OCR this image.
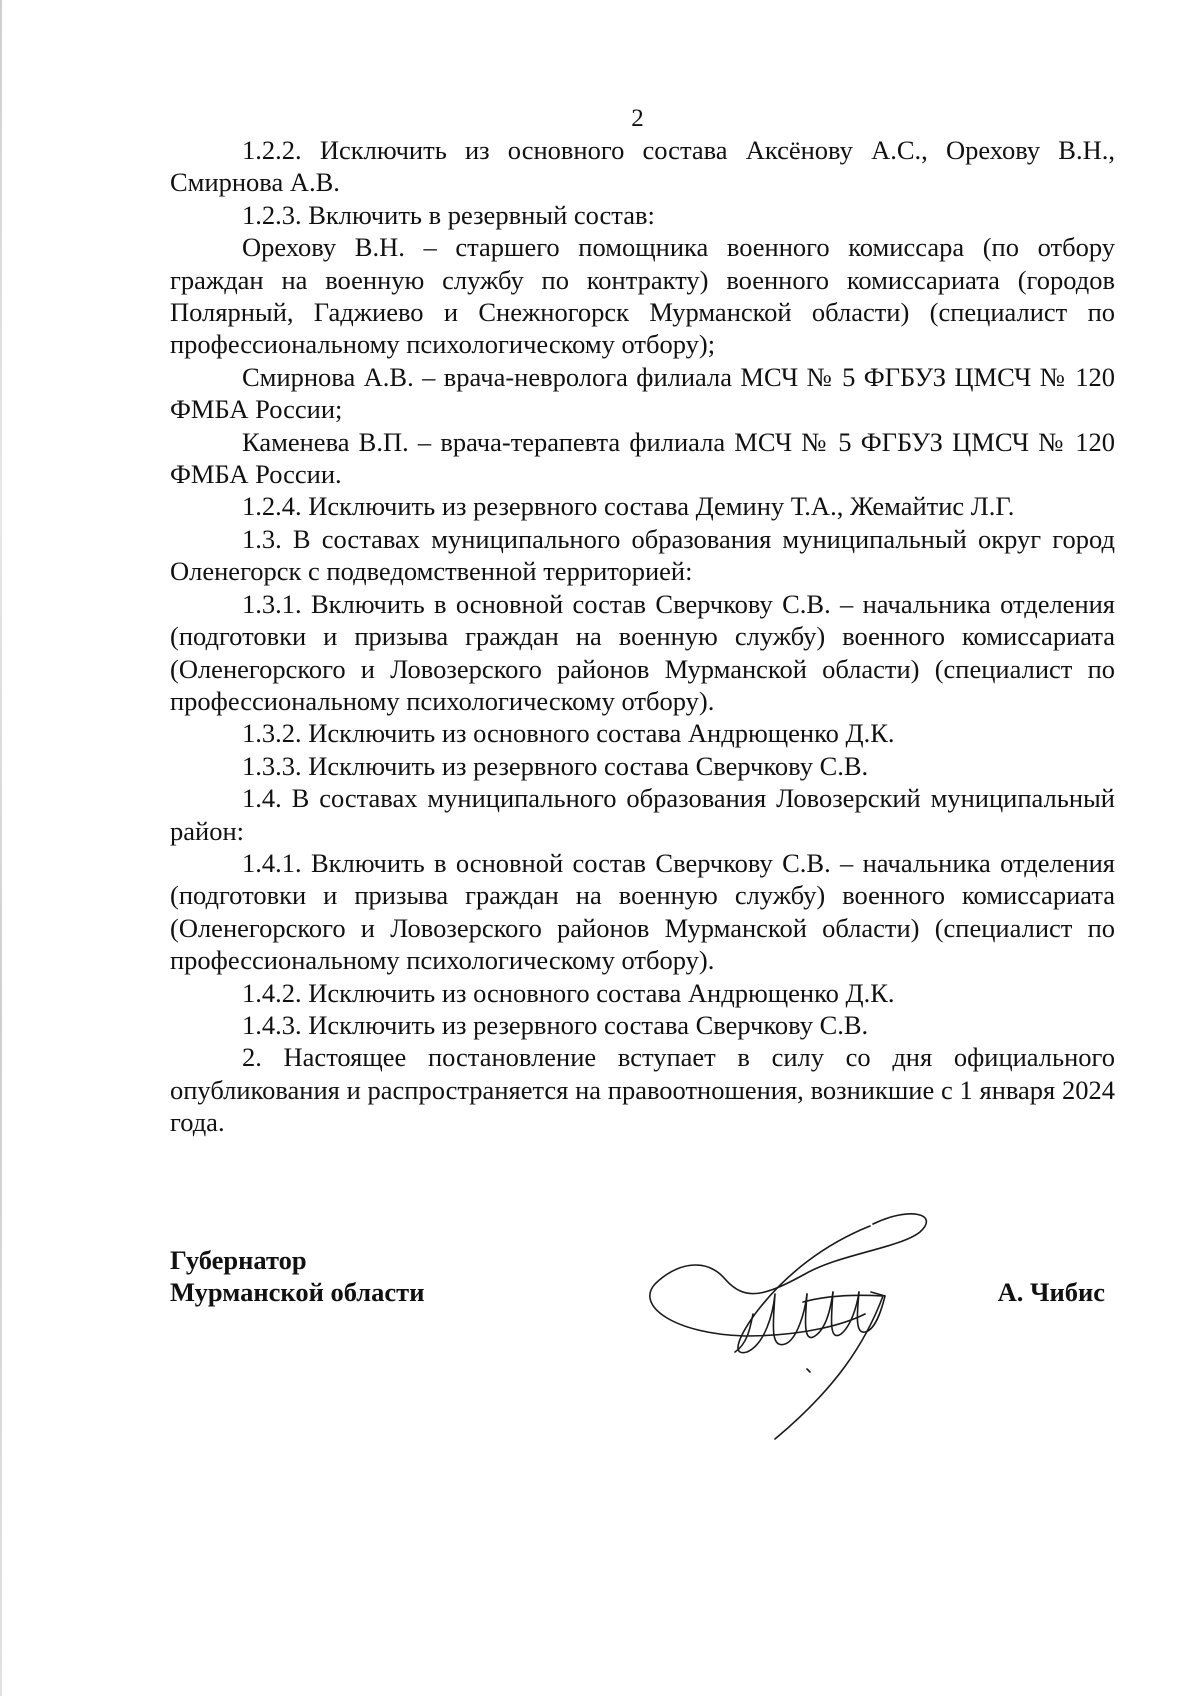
2

1.2.2. Исключить из основного состава Аксёнову А.С., Орехову В.Н., Смирнова А.В.

1.2.3. Включить в резервный состав:

Орехову В.Н. – старшего помощника военного комиссара (по отбору граждан на военную службу по контракту) военного комиссариата (городов Полярный, Гаджиево и Снежногорск Мурманской области) (специалист по профессиональному психологическому отбору);

Смирнова А.В. – врача-невролога филиала МСЧ № 5 ФГБУЗ ЦМСЧ № 120 ФМБА России;

Каменева В.П. – врача-терапевта филиала МСЧ № 5 ФГБУЗ ЦМСЧ № 120 ФМБА России.

1.2.4. Исключить из резервного состава Демину Т.А., Жемайтис Л.Г.

1.3. В составах муниципального образования муниципальный округ город Оленегорск с подведомственной территорией:

1.3.1. Включить в основной состав Сверчкову С.В. – начальника отделения (подготовки и призыва граждан на военную службу) военного комиссариата (Оленегорского и Ловозерского районов Мурманской области) (специалист по профессиональному психологическому отбору).

1.3.2. Исключить из основного состава Андрющенко Д.К.

1.3.3. Исключить из резервного состава Сверчкову С.В.

1.4. В составах муниципального образования Ловозерский муниципальный район:

1.4.1. Включить в основной состав Сверчкову С.В. – начальника отделения (подготовки и призыва граждан на военную службу) военного комиссариата (Оленегорского и Ловозерского районов Мурманской области) (специалист по профессиональному психологическому отбору).

1.4.2. Исключить из основного состава Андрющенко Д.К.

1.4.3. Исключить из резервного состава Сверчкову С.В.

2. Настоящее постановление вступает в силу со дня официального опубликования и распространяется на правоотношения, возникшие с 1 января 2024 года.

Губернатор
Мурманской области	А. Чибис
